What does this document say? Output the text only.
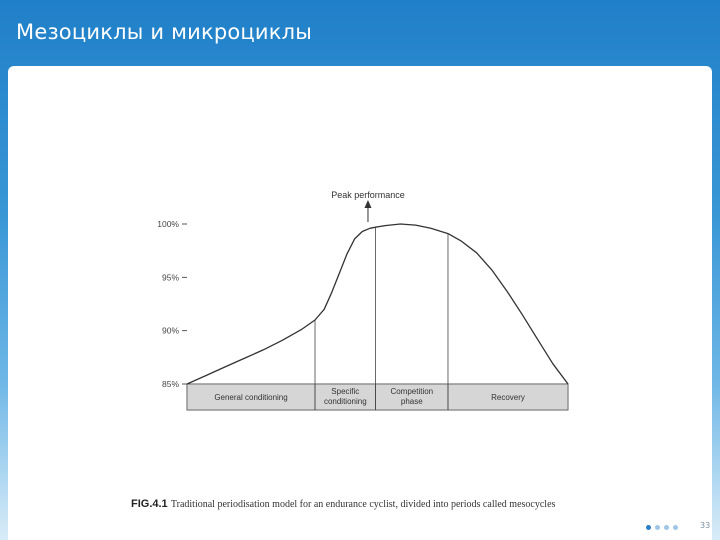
Мезоциклы и микроциклы
General conditioning
Specific conditioning
Competition phase	Recovery
100%
95%
90%
85%
Peak performance
FIG.4.1 Traditional periodisation model for an endurance cyclist, divided into periods called mesocycles
33
